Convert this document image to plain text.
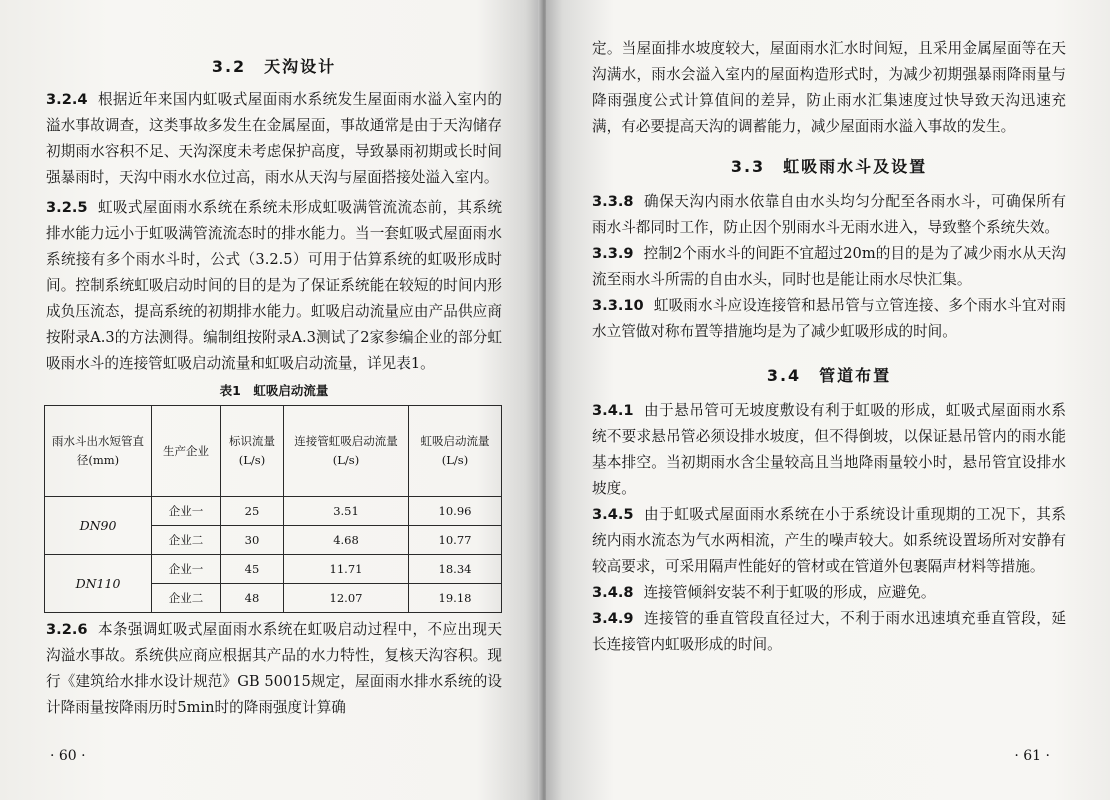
3.2　天沟设计

3.2.4 根据近年来国内虹吸式屋面雨水系统发生屋面雨水溢入室内的溢水事故调查，这类事故多发生在金属屋面，事故通常是由于天沟储存初期雨水容积不足、天沟深度未考虑保护高度，导致暴雨初期或长时间强暴雨时，天沟中雨水水位过高，雨水从天沟与屋面搭接处溢入室内。

3.2.5 虹吸式屋面雨水系统在系统未形成虹吸满管流流态前，其系统排水能力远小于虹吸满管流流态时的排水能力。当一套虹吸式屋面雨水系统接有多个雨水斗时，公式（3.2.5）可用于估算系统的虹吸形成时间。控制系统虹吸启动时间的目的是为了保证系统能在较短的时间内形成负压流态，提高系统的初期排水能力。虹吸启动流量应由产品供应商按附录A.3的方法测得。编制组按附录A.3测试了2家参编企业的部分虹吸雨水斗的连接管虹吸启动流量和虹吸启动流量，详见表1。

表1　虹吸启动流量
雨水斗出水短管直径(mm)	生产企业	标识流量(L/s)	连接管虹吸启动流量(L/s)	虹吸启动流量(L/s)
DN90	企业一	25	3.51	10.96
	企业二	30	4.68	10.77
DN110	企业一	45	11.71	18.34
	企业二	48	12.07	19.18

3.2.6 本条强调虹吸式屋面雨水系统在虹吸启动过程中，不应出现天沟溢水事故。系统供应商应根据其产品的水力特性，复核天沟容积。现行《建筑给水排水设计规范》GB 50015规定，屋面雨水排水系统的设计降雨量按降雨历时5min时的降雨强度计算确

· 60 ·

定。当屋面排水坡度较大，屋面雨水汇水时间短，且采用金属屋面等在天沟满水，雨水会溢入室内的屋面构造形式时，为减少初期强暴雨降雨量与降雨强度公式计算值间的差异，防止雨水汇集速度过快导致天沟迅速充满，有必要提高天沟的调蓄能力，减少屋面雨水溢入事故的发生。

3.3　虹吸雨水斗及设置

3.3.8 确保天沟内雨水依靠自由水头均匀分配至各雨水斗，可确保所有雨水斗都同时工作，防止因个别雨水斗无雨水进入，导致整个系统失效。

3.3.9 控制2个雨水斗的间距不宜超过20m的目的是为了减少雨水从天沟流至雨水斗所需的自由水头，同时也是能让雨水尽快汇集。

3.3.10 虹吸雨水斗应设连接管和悬吊管与立管连接、多个雨水斗宜对雨水立管做对称布置等措施均是为了减少虹吸形成的时间。

3.4　管道布置

3.4.1 由于悬吊管可无坡度敷设有利于虹吸的形成，虹吸式屋面雨水系统不要求悬吊管必须设排水坡度，但不得倒坡，以保证悬吊管内的雨水能基本排空。当初期雨水含尘量较高且当地降雨量较小时，悬吊管宜设排水坡度。

3.4.5 由于虹吸式屋面雨水系统在小于系统设计重现期的工况下，其系统内雨水流态为气水两相流，产生的噪声较大。如系统设置场所对安静有较高要求，可采用隔声性能好的管材或在管道外包裹隔声材料等措施。

3.4.8 连接管倾斜安装不利于虹吸的形成，应避免。

3.4.9 连接管的垂直管段直径过大，不利于雨水迅速填充垂直管段，延长连接管内虹吸形成的时间。

· 61 ·
